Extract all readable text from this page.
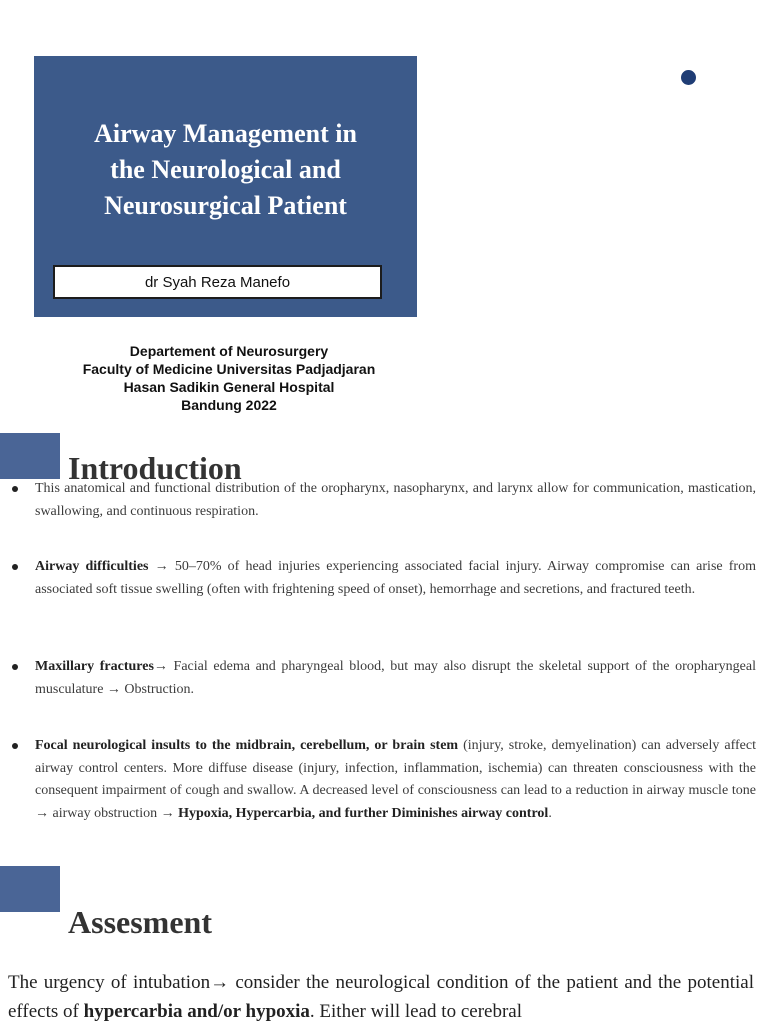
Airway Management in
the Neurological and
Neurosurgical Patient
dr Syah Reza Manefo
Departement of Neurosurgery
Faculty of Medicine Universitas Padjadjaran
Hasan Sadikin General Hospital
Bandung 2022
Introduction
This anatomical and functional distribution of the oropharynx, nasopharynx, and larynx allow for communication, mastication, swallowing, and continuous respiration.
Airway difficulties → 50–70% of head injuries experiencing associated facial injury. Airway compromise can arise from associated soft tissue swelling (often with frightening speed of onset), hemorrhage and secretions, and fractured teeth.
Maxillary fractures→ Facial edema and pharyngeal blood, but may also disrupt the skeletal support of the oropharyngeal musculature → Obstruction.
Focal neurological insults to the midbrain, cerebellum, or brain stem (injury, stroke, demyelination) can adversely affect airway control centers. More diffuse disease (injury, infection, inflammation, ischemia) can threaten consciousness with the consequent impairment of cough and swallow. A decreased level of consciousness can lead to a reduction in airway muscle tone → airway obstruction → Hypoxia, Hypercarbia, and further Diminishes airway control.
Assesment
The urgency of intubation→ consider the neurological condition of the patient and the potential effects of hypercarbia and/or hypoxia. Either will lead to cerebral
